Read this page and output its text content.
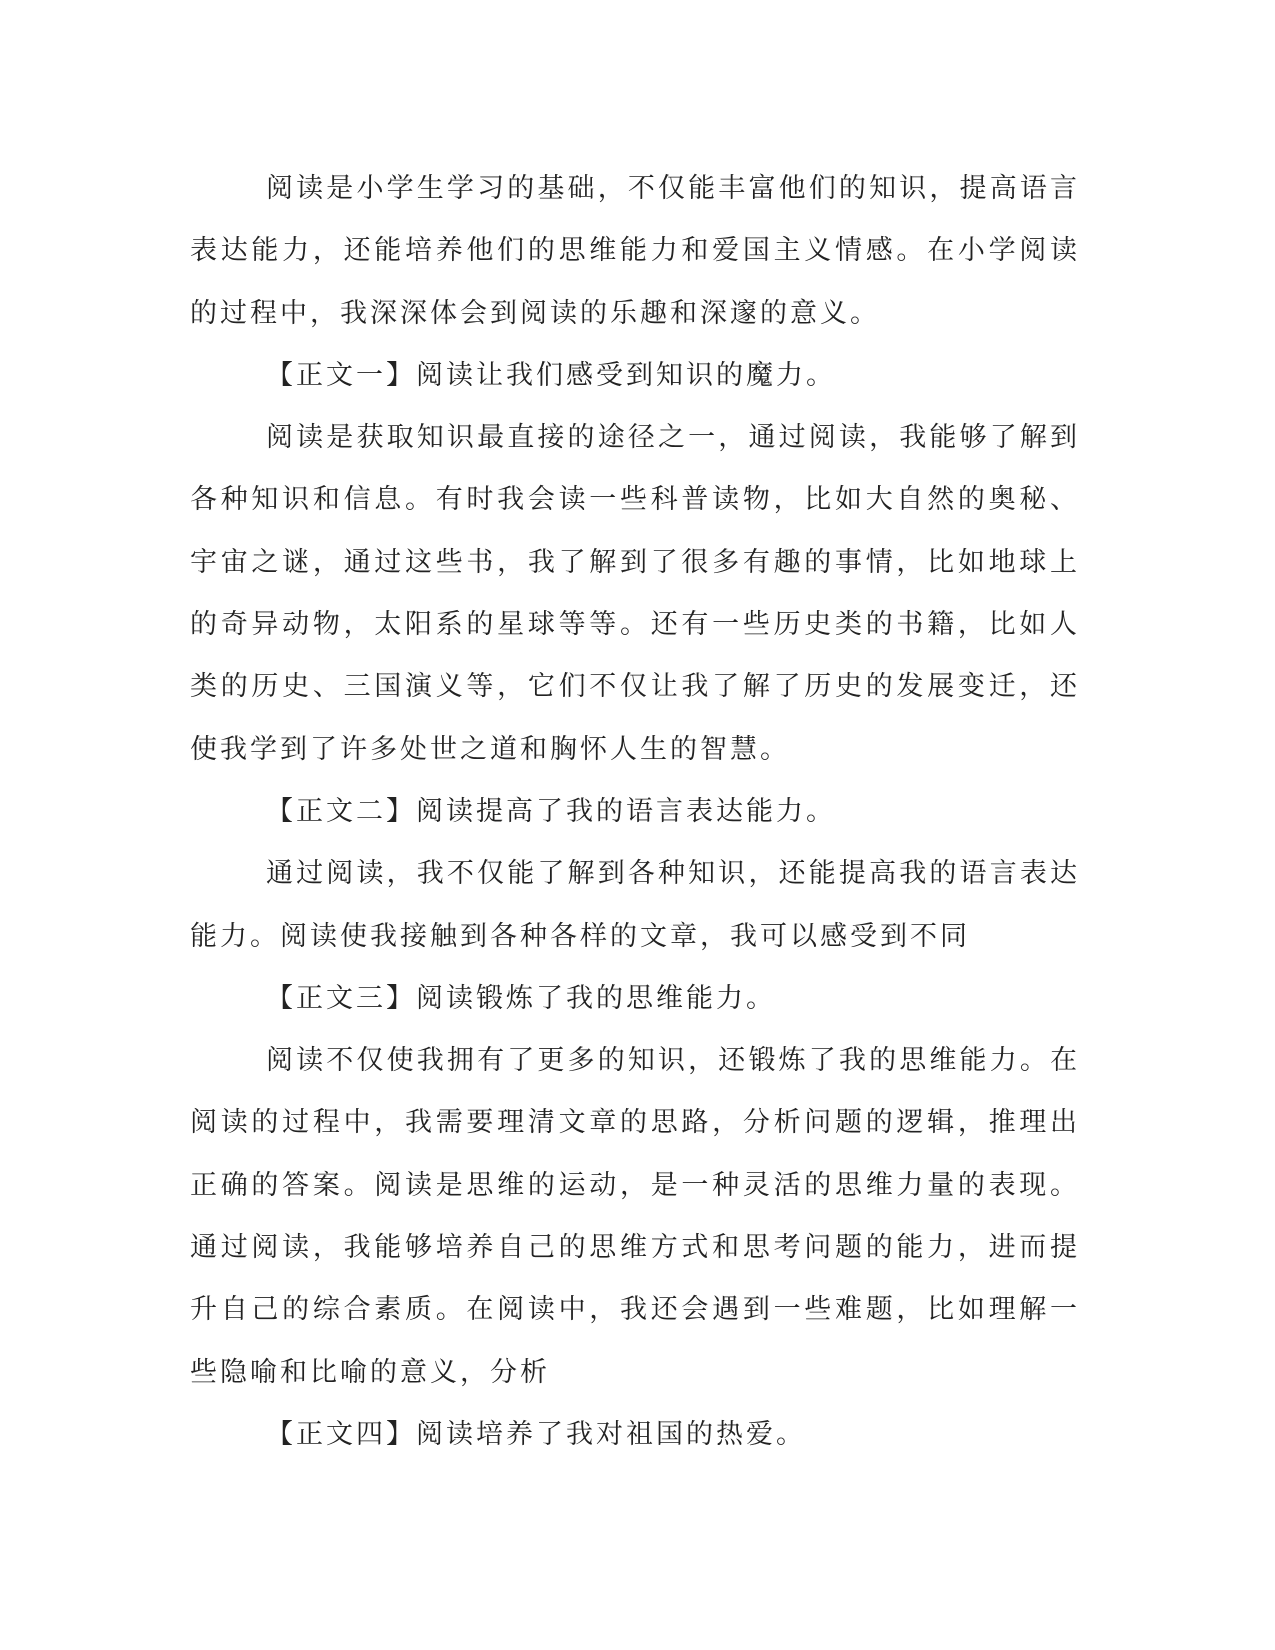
阅读是小学生学习的基础，不仅能丰富他们的知识，提高语言表达能力，还能培养他们的思维能力和爱国主义情感。在小学阅读的过程中，我深深体会到阅读的乐趣和深邃的意义。

【正文一】阅读让我们感受到知识的魔力。

阅读是获取知识最直接的途径之一，通过阅读，我能够了解到各种知识和信息。有时我会读一些科普读物，比如大自然的奥秘、宇宙之谜，通过这些书，我了解到了很多有趣的事情，比如地球上的奇异动物，太阳系的星球等等。还有一些历史类的书籍，比如人类的历史、三国演义等，它们不仅让我了解了历史的发展变迁，还使我学到了许多处世之道和胸怀人生的智慧。

【正文二】阅读提高了我的语言表达能力。

通过阅读，我不仅能了解到各种知识，还能提高我的语言表达能力。阅读使我接触到各种各样的文章，我可以感受到不同

【正文三】阅读锻炼了我的思维能力。

阅读不仅使我拥有了更多的知识，还锻炼了我的思维能力。在阅读的过程中，我需要理清文章的思路，分析问题的逻辑，推理出正确的答案。阅读是思维的运动，是一种灵活的思维力量的表现。通过阅读，我能够培养自己的思维方式和思考问题的能力，进而提升自己的综合素质。在阅读中，我还会遇到一些难题，比如理解一些隐喻和比喻的意义，分析

【正文四】阅读培养了我对祖国的热爱。
